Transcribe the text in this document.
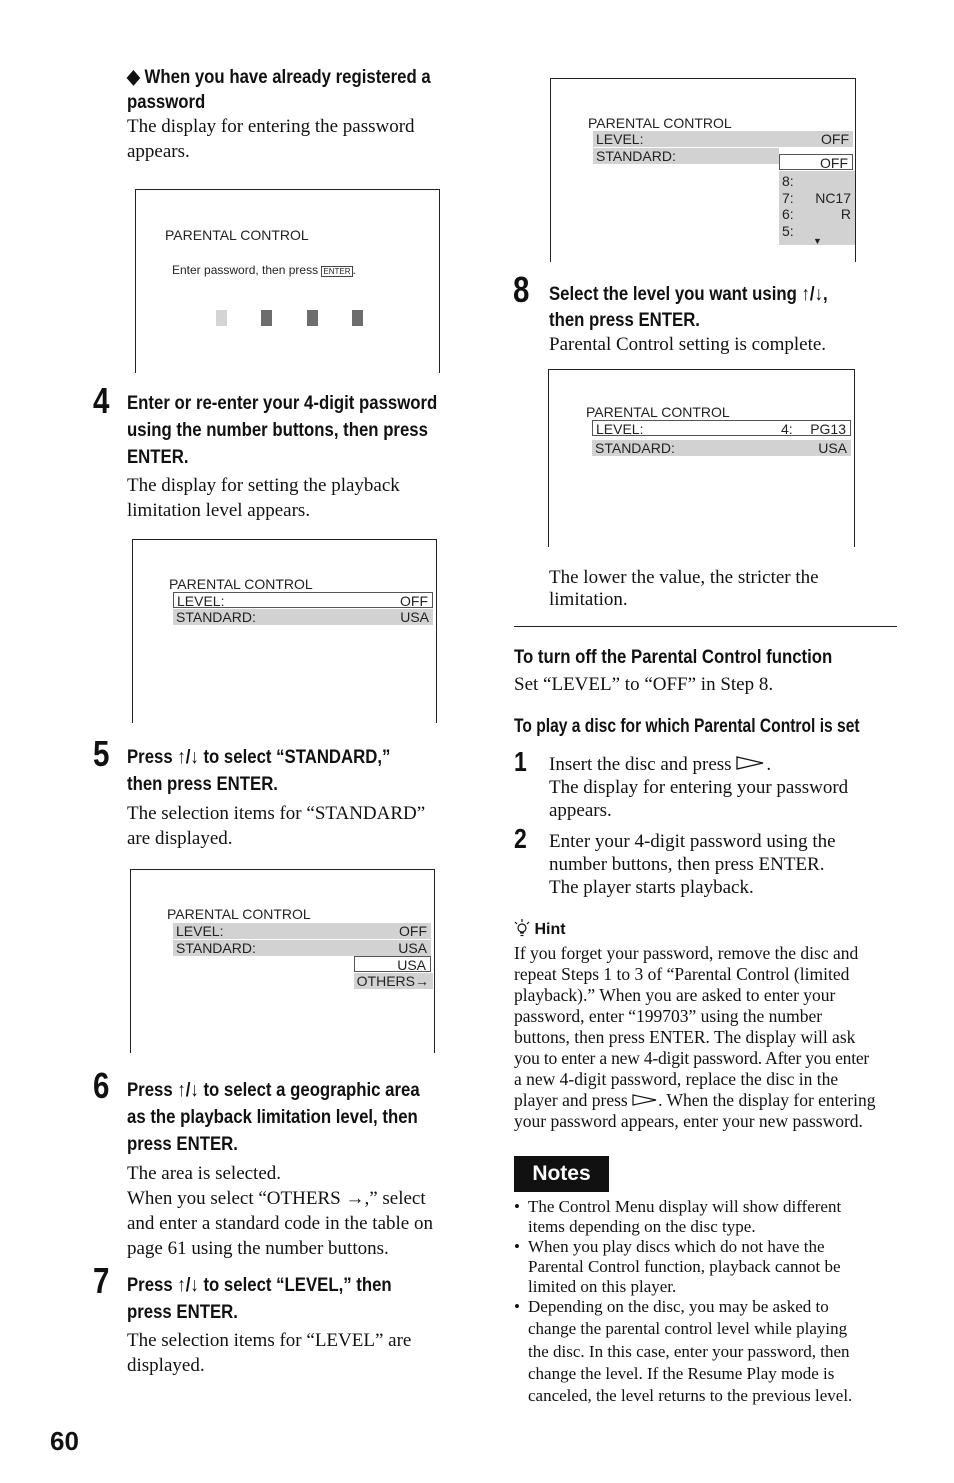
◆ When you have already registered a
password
The display for entering the password
appears.
PARENTAL CONTROL
Enter password, then press ENTER .
4 Enter or re-enter your 4-digit password
using the number buttons, then press
ENTER.
The display for setting the playback
limitation level appears.
PARENTAL CONTROL
LEVEL:	OFF
STANDARD:	USA
5 Press ↑/↓ to select “STANDARD,”
then press ENTER.
The selection items for “STANDARD”
are displayed.
PARENTAL CONTROL
LEVEL:	OFF
STANDARD:	USA
USA
OTHERS→
6 Press ↑/↓ to select a geographic area
as the playback limitation level, then
press ENTER.
The area is selected.
When you select “OTHERS →,” select
and enter a standard code in the table on
page 61 using the number buttons.
7 Press ↑/↓ to select “LEVEL,” then
press ENTER.
The selection items for “LEVEL” are
displayed.
60
PARENTAL CONTROL
LEVEL:	OFF
STANDARD:	OFF
8:
7: NC17
6:	R
5:
▼
8 Select the level you want using ↑/↓,
then press ENTER.
Parental Control setting is complete.
PARENTAL CONTROL
LEVEL:	4: PG13
STANDARD:	USA
The lower the value, the stricter the
limitation.
To turn off the Parental Control function
Set “LEVEL” to “OFF” in Step 8.
To play a disc for which Parental Control is set
1 Insert the disc and press .
The display for entering your password
appears.
2 Enter your 4-digit password using the
number buttons, then press ENTER.
The player starts playback.
Hint
If you forget your password, remove the disc and
repeat Steps 1 to 3 of “Parental Control (limited
playback).” When you are asked to enter your
password, enter “199703” using the number
buttons, then press ENTER. The display will ask
you to enter a new 4-digit password. After you enter
a new 4-digit password, replace the disc in the
player and press . When the display for entering
your password appears, enter your new password.
Notes
• The Control Menu display will show different
items depending on the disc type.
• When you play discs which do not have the
Parental Control function, playback cannot be
limited on this player.
• Depending on the disc, you may be asked to
change the parental control level while playing
the disc. In this case, enter your password, then
change the level. If the Resume Play mode is
canceled, the level returns to the previous level.
